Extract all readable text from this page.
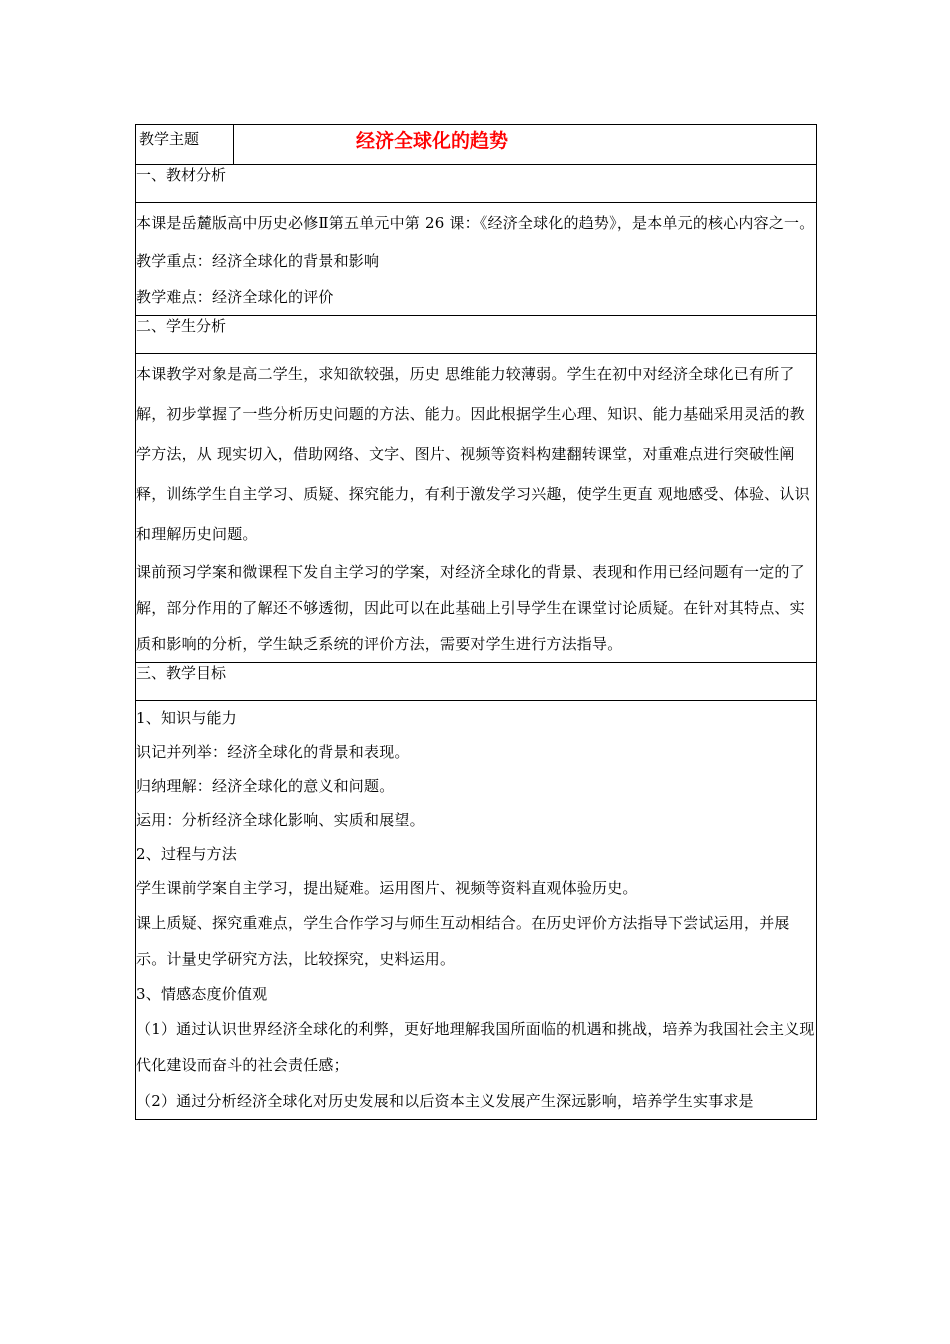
教学主题	经济全球化的趋势

一、教材分析

本课是岳麓版高中历史必修Ⅱ第五单元中第 26 课：《经济全球化的趋势》，是本单元的核心内容之一。

教学重点：经济全球化的背景和影响

教学难点：经济全球化的评价

二、学生分析

本课教学对象是高二学生，求知欲较强，历史 思维能力较薄弱。学生在初中对经济全球化已有所了解，初步掌握了一些分析历史问题的方法、能力。因此根据学生心理、知识、能力基础采用灵活的教学方法，从 现实切入，借助网络、文字、图片、视频等资料构建翻转课堂，对重难点进行突破性阐释，训练学生自主学习、质疑、探究能力，有利于激发学习兴趣，使学生更直 观地感受、体验、认识和理解历史问题。

课前预习学案和微课程下发自主学习的学案，对经济全球化的背景、表现和作用已经问题有一定的了解，部分作用的了解还不够透彻，因此可以在此基础上引导学生在课堂讨论质疑。在针对其特点、实质和影响的分析，学生缺乏系统的评价方法，需要对学生进行方法指导。

三、教学目标

1、知识与能力

识记并列举：经济全球化的背景和表现。

归纳理解：经济全球化的意义和问题。

运用：分析经济全球化影响、实质和展望。

2、过程与方法

学生课前学案自主学习，提出疑难。运用图片、视频等资料直观体验历史。

课上质疑、探究重难点，学生合作学习与师生互动相结合。在历史评价方法指导下尝试运用，并展示。计量史学研究方法，比较探究，史料运用。

3、情感态度价值观

（1）通过认识世界经济全球化的利弊，更好地理解我国所面临的机遇和挑战，培养为我国社会主义现代化建设而奋斗的社会责任感；

（2）通过分析经济全球化对历史发展和以后资本主义发展产生深远影响，培养学生实事求是
